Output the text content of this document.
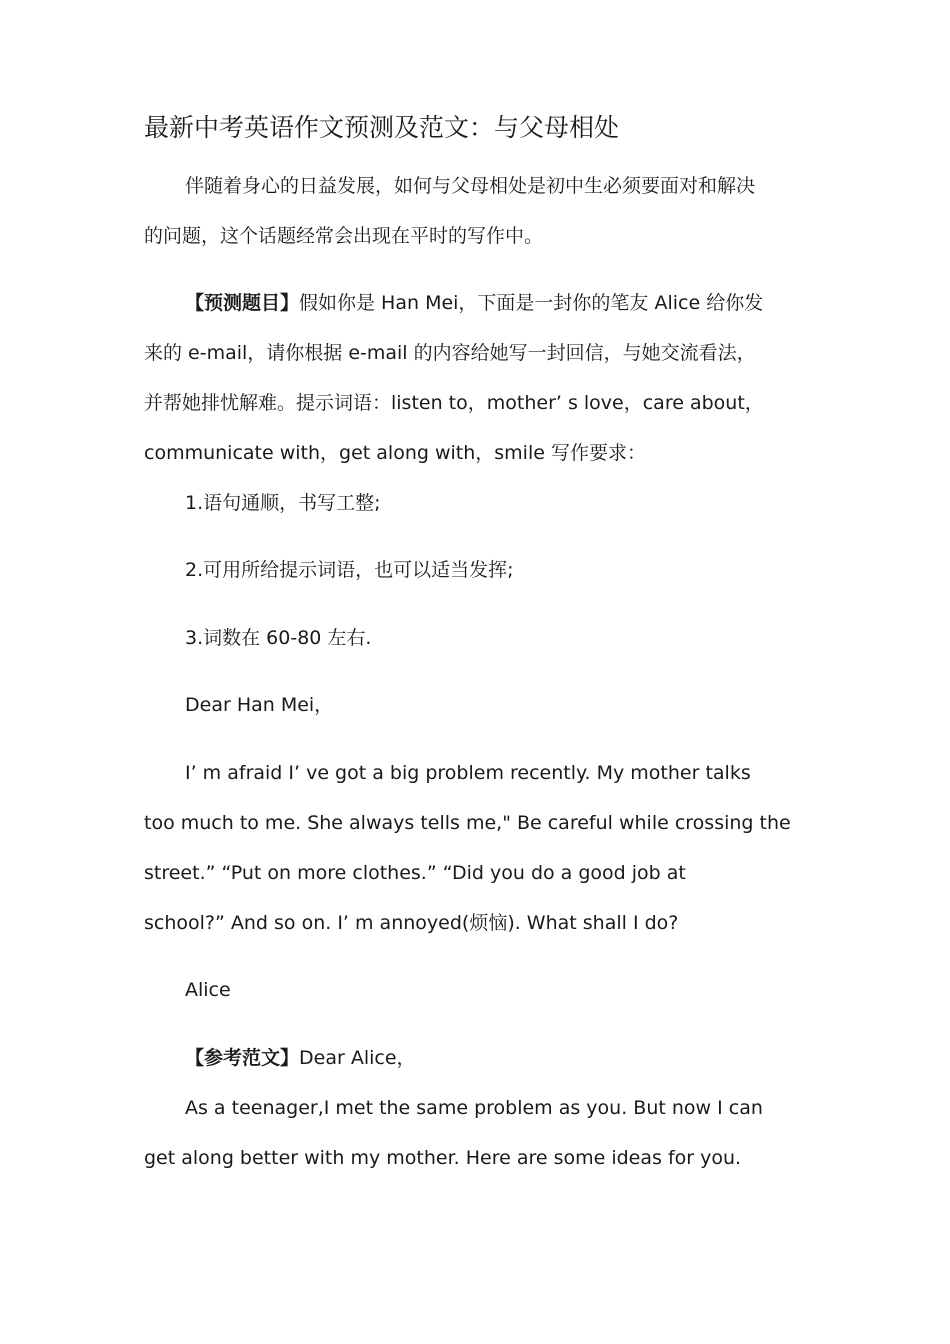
最新中考英语作文预测及范文：与父母相处
伴随着身心的日益发展，如何与父母相处是初中生必须要面对和解决
的问题，这个话题经常会出现在平时的写作中。
【预测题目】假如你是 Han Mei，下面是一封你的笔友 Alice 给你发
来的 e-mail，请你根据 e-mail 的内容给她写一封回信，与她交流看法，
并帮她排忧解难。提示词语：listen to，mother’ s love，care about，
communicate with，get along with，smile 写作要求：
1.语句通顺，书写工整;
2.可用所给提示词语，也可以适当发挥;
3.词数在 60-80 左右.
Dear Han Mei，
I’ m afraid I’ ve got a big problem recently. My mother talks
too much to me. She always tells me," Be careful while crossing the
street.” “Put on more clothes.” “Did you do a good job at
school?” And so on. I’ m annoyed(烦恼). What shall I do?
Alice
【参考范文】Dear Alice，
As a teenager,I met the same problem as you. But now I can
get along better with my mother. Here are some ideas for you.
